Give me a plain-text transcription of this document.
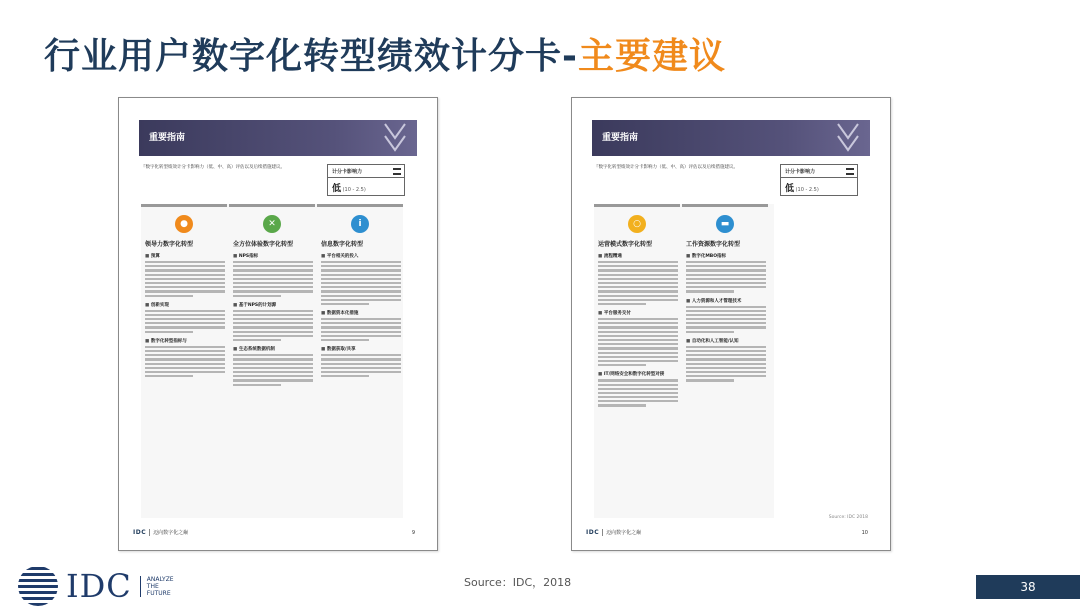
行业用户数字化转型绩效计分卡-主要建议
重要指南
『数字化转型绩效计分卡影响力（低、中、高）评估以及后续措施建议。
计分卡影响力
低 (10 - 2.5)
●
领导力数字化转型
■ 预算
■ 创新实现
■ 数字化转型指标与
✕
全方位体验数字化转型
■ NPS指标
■ 基于NPS的计划源
■ 生态系统数据机制
i
信息数字化转型
■ 平台相关的投入
■ 数据资本化措施
■ 数据获取/共享
IDC 迈向数字化之巅	9
重要指南
『数字化转型绩效计分卡影响力（低、中、高）评估以及后续措施建议。
计分卡影响力
低 (10 - 2.5)
○
运营模式数字化转型
■ 流程精通
■ 平台服务交付
■ IT/网络安全和数字化转型对接
▬
工作资源数字化转型
■ 数字化MBO指标
■ 人力资源和人才管理技术
■ 自动化和人工智能/认知
Source: IDC 2018
IDC 迈向数字化之巅	10
IDC	ANALYZE
THE
FUTURE
Source：IDC，2018	38
